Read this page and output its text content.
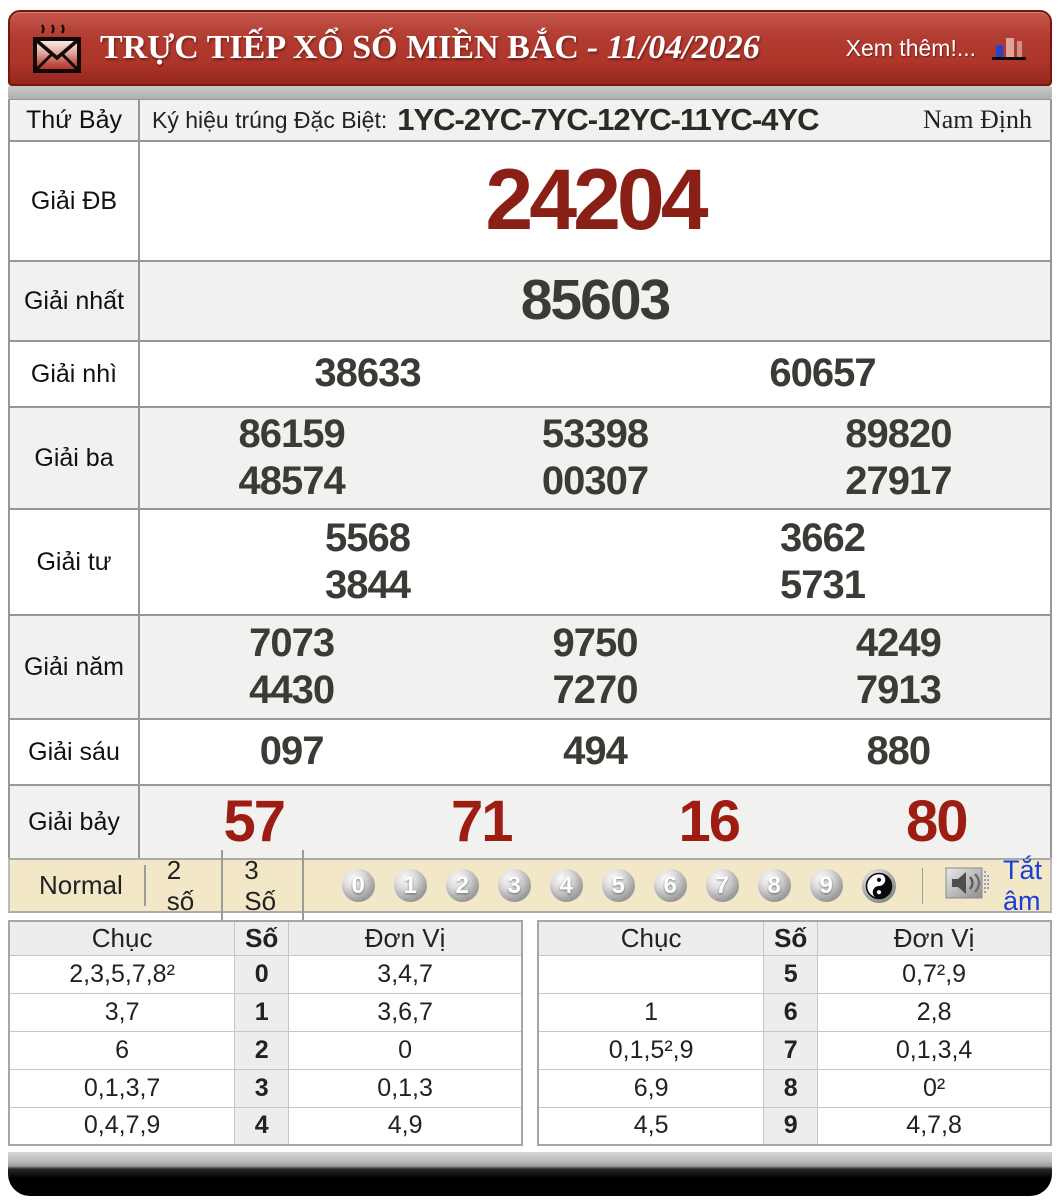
TRỰC TIẾP XỔ SỐ MIỀN BẮC - 11/04/2026	Xem thêm!...
Thứ Bảy	Ký hiệu trúng Đặc Biệt: 1YC-2YC-7YC-12YC-11YC-4YC	Nam Định
Giải ĐB	24204
Giải nhất	85603
Giải nhì	38633	60657
Giải ba
86159	53398	89820
48574	00307	27917
Giải tư
5568	3662
3844	5731
Giải năm
7073	9750	4249
4430	7270	7913
Giải sáu	097	494	880
Giải bảy	57	71	16	80
Normal
2 số
3 Số
0	1	2	3	4	5	6	7	8	9
Tắt âm
Chục	Số	Đơn Vị
2,3,5,7,8²	0	3,4,7
3,7	1	3,6,7
6	2	0
0,1,3,7	3	0,1,3
0,4,7,9	4	4,9
Chục	Số	Đơn Vị
	5	0,7²,9
1	6	2,8
0,1,5²,9	7	0,1,3,4
6,9	8	0²
4,5	9	4,7,8
